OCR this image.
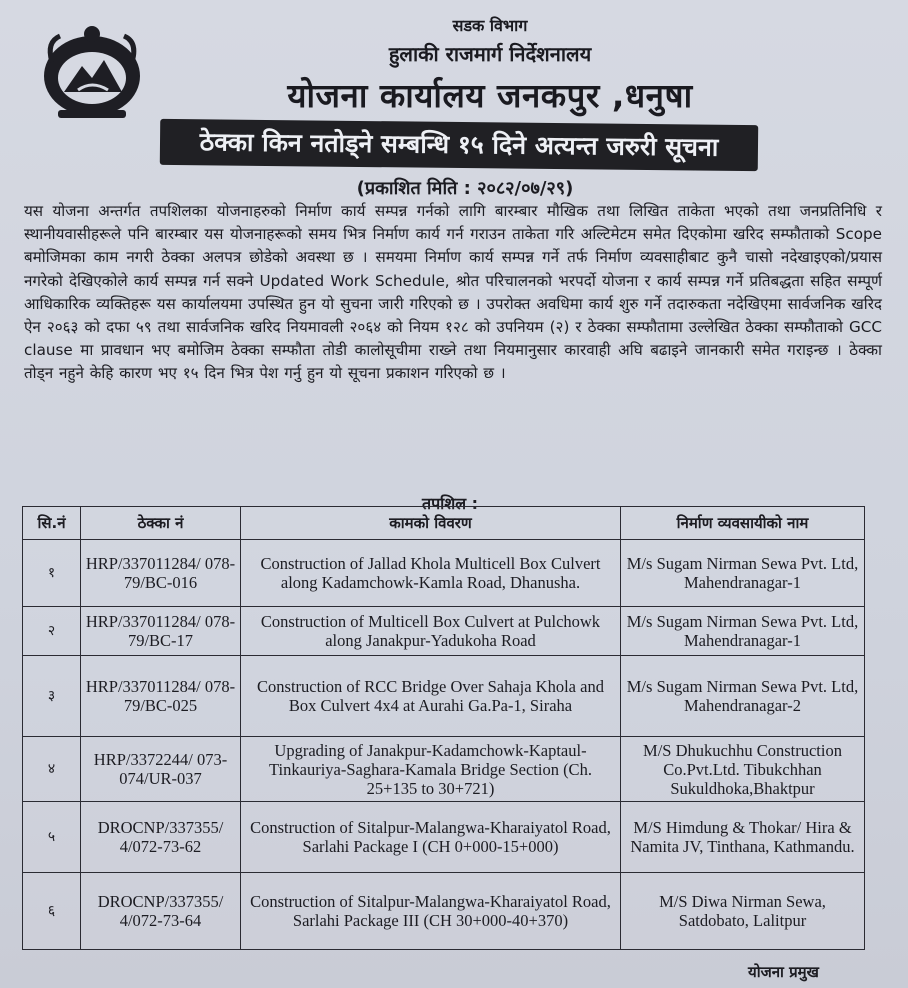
सडक विभाग
हुलाकी राजमार्ग निर्देशनालय
योजना कार्यालय जनकपुर ,धनुषा
ठेक्का किन नतोड्ने सम्बन्धि १५ दिने अत्यन्त जरुरी सूचना
(प्रकाशित मिति : २०८२/०७/२९)
यस योजना अन्तर्गत तपशिलका योजनाहरुको निर्माण कार्य सम्पन्न गर्नको लागि बारम्बार मौखिक तथा लिखित ताकेता भएको तथा जनप्रतिनिधि र स्थानीयवासीहरूले पनि बारम्बार यस योजनाहरूको समय भित्र निर्माण कार्य गर्न गराउन ताकेता गरि अल्टिमेटम समेत दिएकोमा खरिद सम्फौताको Scope बमोजिमका काम नगरी ठेक्का अलपत्र छोडेको अवस्था छ । समयमा निर्माण कार्य सम्पन्न गर्ने तर्फ निर्माण व्यवसाहीबाट कुनै चासो नदेखाइएको/प्रयास नगरेको देखिएकोले कार्य सम्पन्न गर्न सक्ने Updated Work Schedule, श्रोत परिचालनको भरपर्दो योजना र कार्य सम्पन्न गर्ने प्रतिबद्धता सहित सम्पूर्ण आधिकारिक व्यक्तिहरू यस कार्यालयमा उपस्थित हुन यो सुचना जारी गरिएको छ । उपरोक्त अवधिमा कार्य शुरु गर्ने तदारुकता नदेखिएमा सार्वजनिक खरिद ऐन २०६३ को दफा ५९ तथा सार्वजनिक खरिद नियमावली २०६४ को नियम १२८ को उपनियम (२) र ठेक्का सम्फौतामा उल्लेखित ठेक्का सम्फौताको GCC clause मा प्रावधान भए बमोजिम ठेक्का सम्फौता तोडी कालोसूचीमा राख्ने तथा नियमानुसार कारवाही अघि बढाइने जानकारी समेत गराइन्छ । ठेक्का तोड्न नहुने केहि कारण भए १५ दिन भित्र पेश गर्नु हुन यो सूचना प्रकाशन गरिएको छ ।
तपशिल :
सि.नं	ठेक्का नं	कामको विवरण	निर्माण व्यवसायीको नाम
१	HRP/337011284/ 078-79/BC-016	Construction of Jallad Khola Multicell Box Culvert along Kadamchowk-Kamla Road, Dhanusha.	M/s Sugam Nirman Sewa Pvt. Ltd, Mahendranagar-1
२	HRP/337011284/ 078-79/BC-17	Construction of Multicell Box Culvert at Pulchowk along Janakpur-Yadukoha Road	M/s Sugam Nirman Sewa Pvt. Ltd, Mahendranagar-1
३	HRP/337011284/ 078-79/BC-025	Construction of RCC Bridge Over Sahaja Khola and Box Culvert 4x4 at Aurahi Ga.Pa-1, Siraha	M/s Sugam Nirman Sewa Pvt. Ltd, Mahendranagar-2
४	HRP/3372244/ 073-074/UR-037	Upgrading of Janakpur-Kadamchowk-Kaptaul-Tinkauriya-Saghara-Kamala Bridge Section (Ch. 25+135 to 30+721)	M/S Dhukuchhu Construction Co.Pvt.Ltd. Tibukchhan Sukuldhoka,Bhaktpur
५	DROCNP/337355/ 4/072-73-62	Construction of Sitalpur-Malangwa-Kharaiyatol Road, Sarlahi Package I (CH 0+000-15+000)	M/S Himdung & Thokar/ Hira & Namita JV, Tinthana, Kathmandu.
६	DROCNP/337355/ 4/072-73-64	Construction of Sitalpur-Malangwa-Kharaiyatol Road, Sarlahi Package III (CH 30+000-40+370)	M/S Diwa Nirman Sewa, Satdobato, Lalitpur
योजना प्रमुख
